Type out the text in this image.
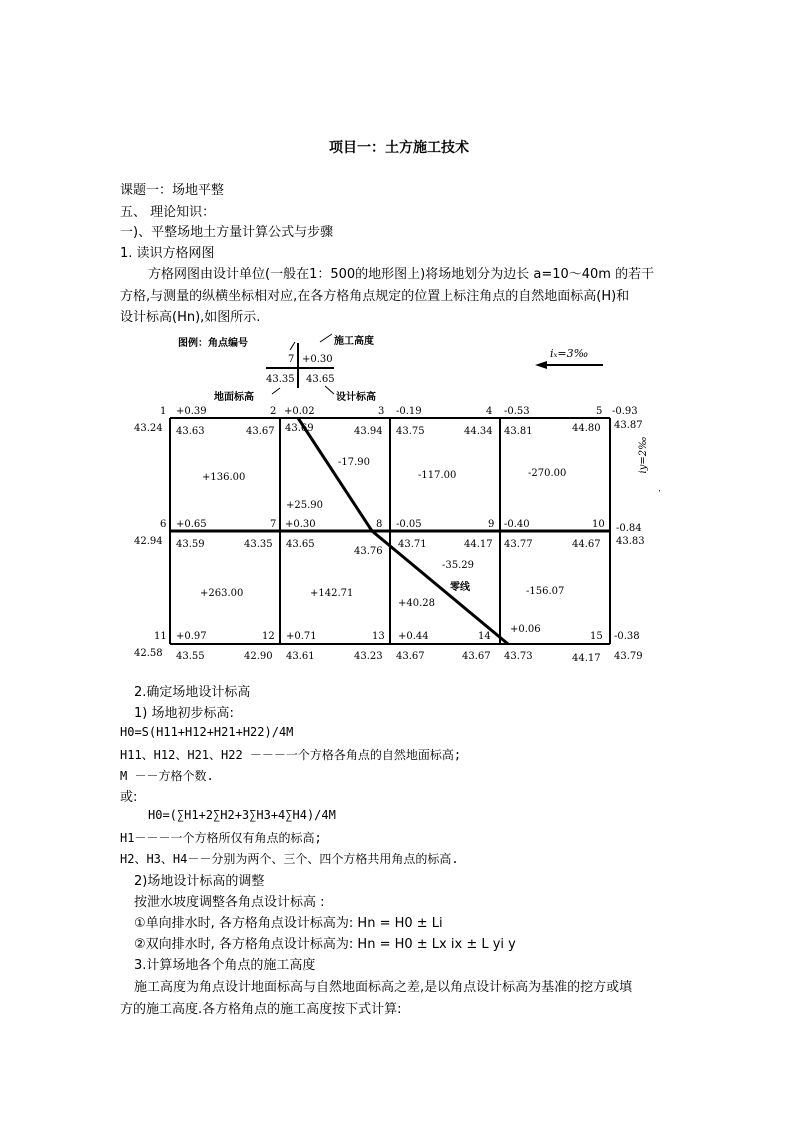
项目一：土方施工技术
课题一：场地平整
五、 理论知识：
一)、平整场地土方量计算公式与步骤
1. 读识方格网图
方格网图由设计单位(一般在1：500的地形图上)将场地划分为边长 a=10～40m 的若干
方格,与测量的纵横坐标相对应,在各方格角点规定的位置上标注角点的自然地面标高(H)和
设计标高(Hn),如图所示.
图例：角点编号	施工高度
7 +0.30
43.35 43.65
地面标高	设计标高
iₓ=3‰
iy=2‰
零线
1 +0.39	2 +0.02	3 -0.19	4 -0.53	5 -0.93
43.24 43.63	43.67 43.69	43.94 43.75	44.34 43.81	44.80 43.87
6 +0.65	7 +0.30	8 -0.05	9 -0.40	10 -0.84
42.94 43.59	43.35 43.65
43.76
43.71	44.17 43.77	44.67 43.83
11 +0.97	12 +0.71	13 +0.44	14
+0.06
15 -0.38
42.58 43.55	42.90 43.61	43.23 43.67	43.67 43.73	44.17 43.79
+136.00
-17.90
+25.90
-117.00	-270.00
+263.00	+142.71
-35.29
+40.28
-156.07
2.确定场地设计标高
1) 场地初步标高:
H0=S(H11+H12+H21+H22)/4M
H11、H12、H21、H22 －－－一个方格各角点的自然地面标高;
M －－方格个数.
或:
H0=(∑H1+2∑H2+3∑H3+4∑H4)/4M
H1－－－一个方格所仅有角点的标高;
H2、H3、H4－－分别为两个、三个、四个方格共用角点的标高.
2)场地设计标高的调整
按泄水坡度调整各角点设计标高 :
①单向排水时, 各方格角点设计标高为: Hn = H0 ± Li
②双向排水时, 各方格角点设计标高为: Hn = H0 ± Lx ix ± L yi y
3.计算场地各个角点的施工高度
施工高度为角点设计地面标高与自然地面标高之差,是以角点设计标高为基准的挖方或填
方的施工高度.各方格角点的施工高度按下式计算:
